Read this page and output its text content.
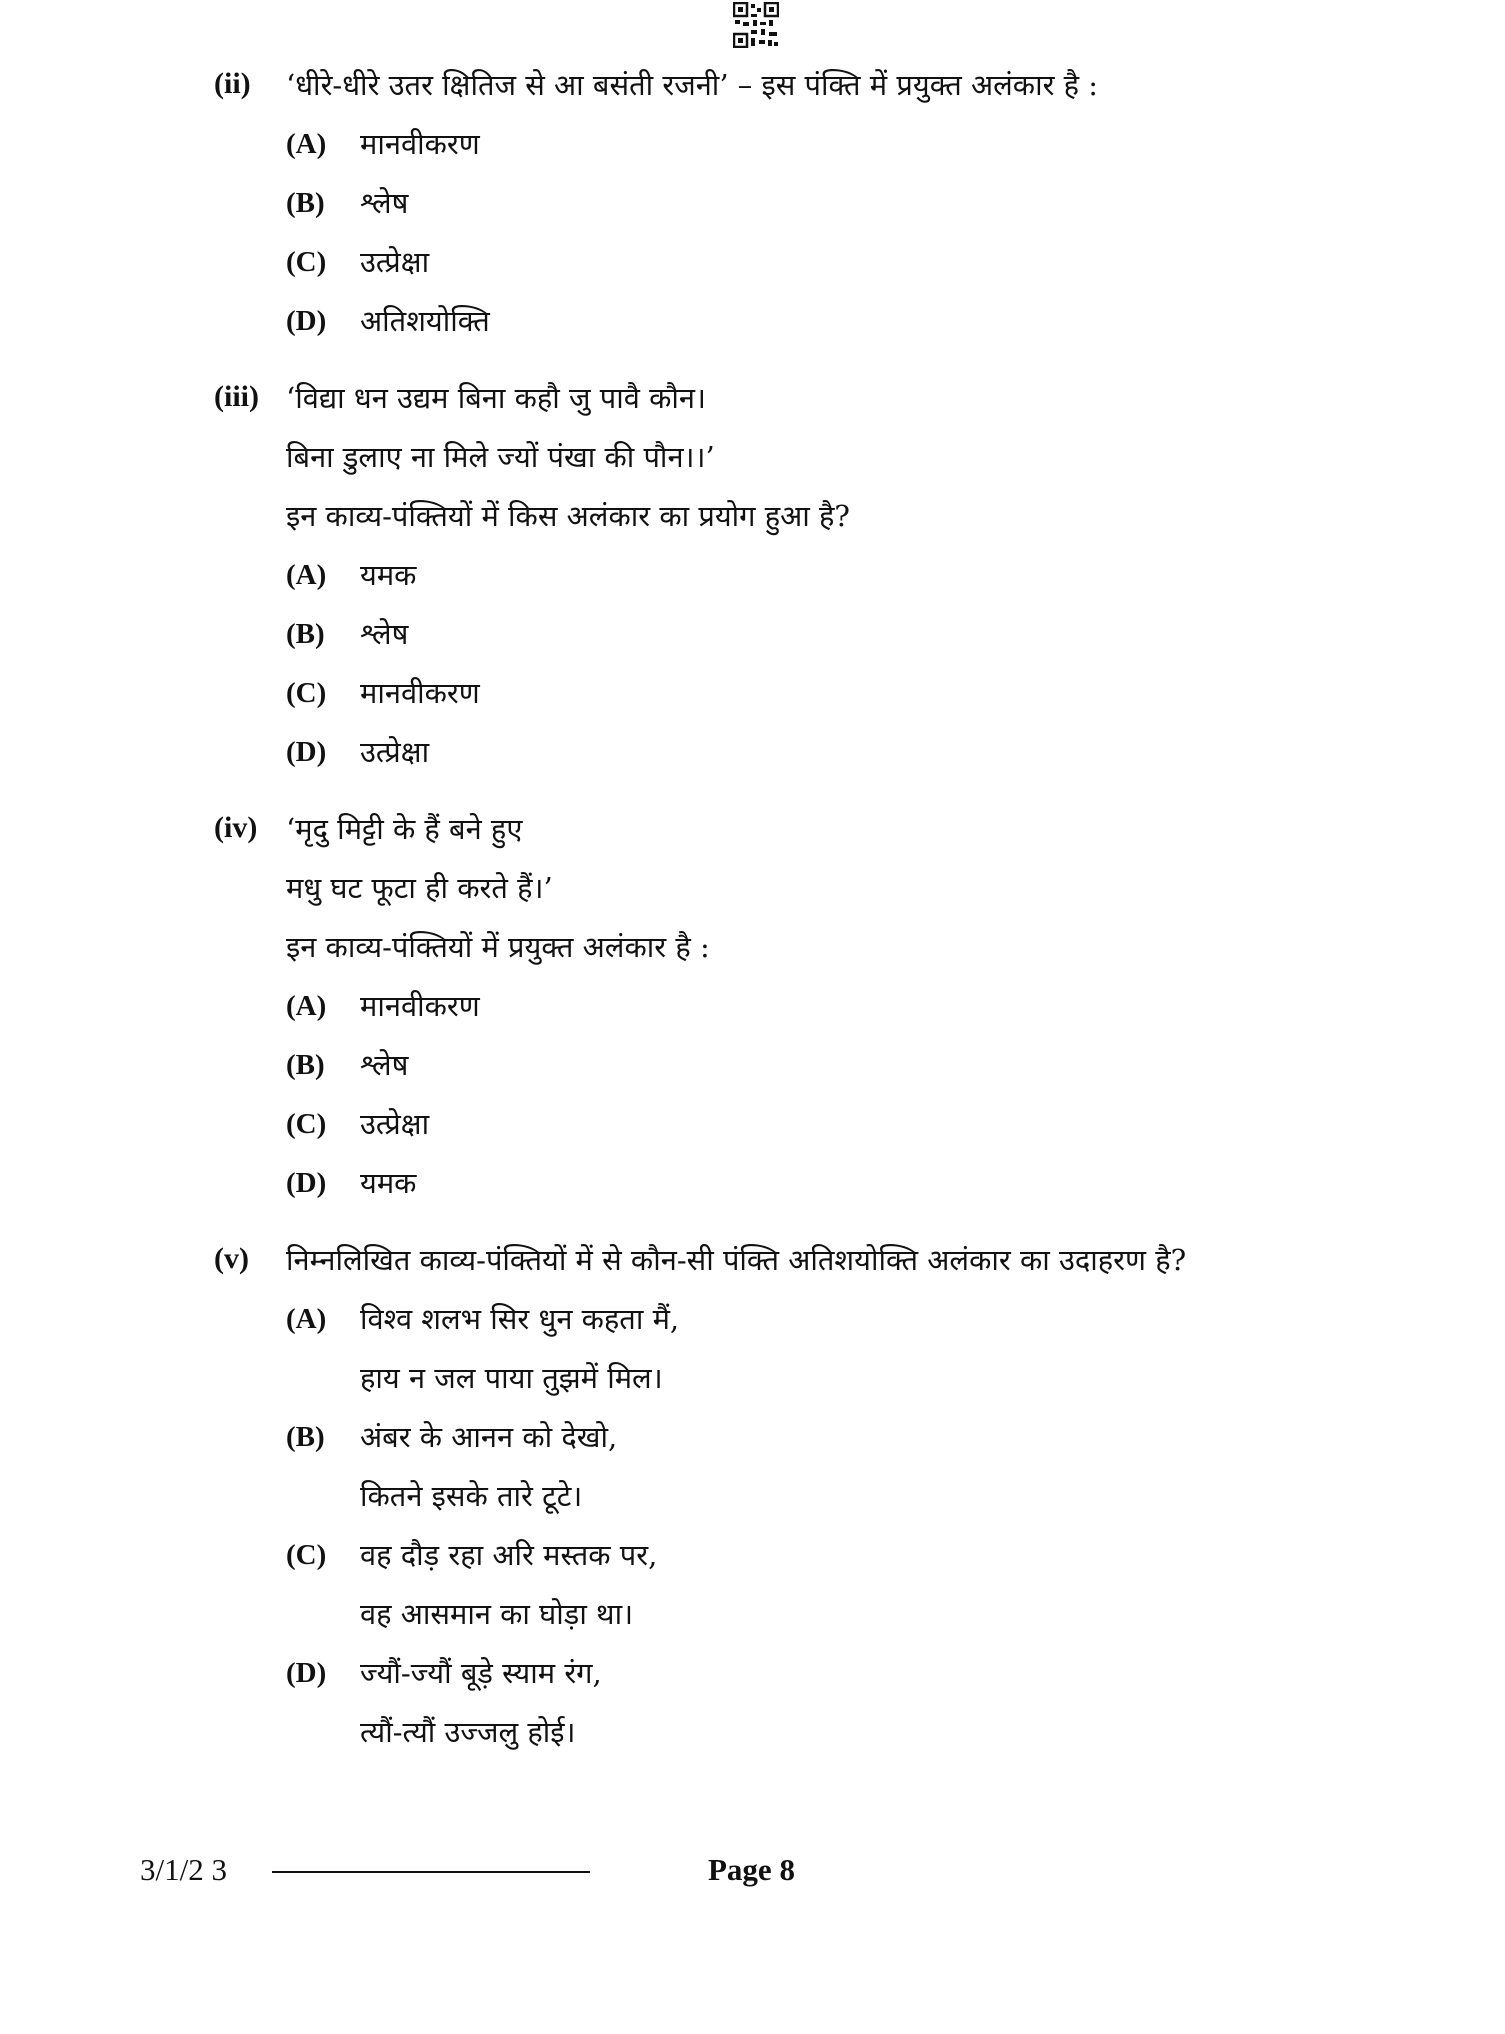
(ii)	‘धीरे-धीरे उतर क्षितिज से आ बसंती रजनी’ – इस पंक्ति में प्रयुक्त अलंकार है :
(A) मानवीकरण
(B) श्लेष
(C) उत्प्रेक्षा
(D) अतिशयोक्ति
(iii) ‘विद्या धन उद्यम बिना कहौ जु पावै कौन।
बिना डुलाए ना मिले ज्यों पंखा की पौन।।’
इन काव्य-पंक्तियों में किस अलंकार का प्रयोग हुआ है?
(A) यमक
(B) श्लेष
(C) मानवीकरण
(D) उत्प्रेक्षा
(iv) ‘मृदु मिट्टी के हैं बने हुए
मधु घट फूटा ही करते हैं।’
इन काव्य-पंक्तियों में प्रयुक्त अलंकार है :
(A) मानवीकरण
(B) श्लेष
(C) उत्प्रेक्षा
(D) यमक
(v)	निम्नलिखित काव्य-पंक्तियों में से कौन-सी पंक्ति अतिशयोक्ति अलंकार का उदाहरण है?
(A) विश्व शलभ सिर धुन कहता मैं,
हाय न जल पाया तुझमें मिल।
(B) अंबर के आनन को देखो,
कितने इसके तारे टूटे।
(C) वह दौड़ रहा अरि मस्तक पर,
वह आसमान का घोड़ा था।
(D) ज्यौं-ज्यौं बूड़े स्याम रंग,
त्यौं-त्यौं उज्जलु होई।
3/1/2 3	Page 8
